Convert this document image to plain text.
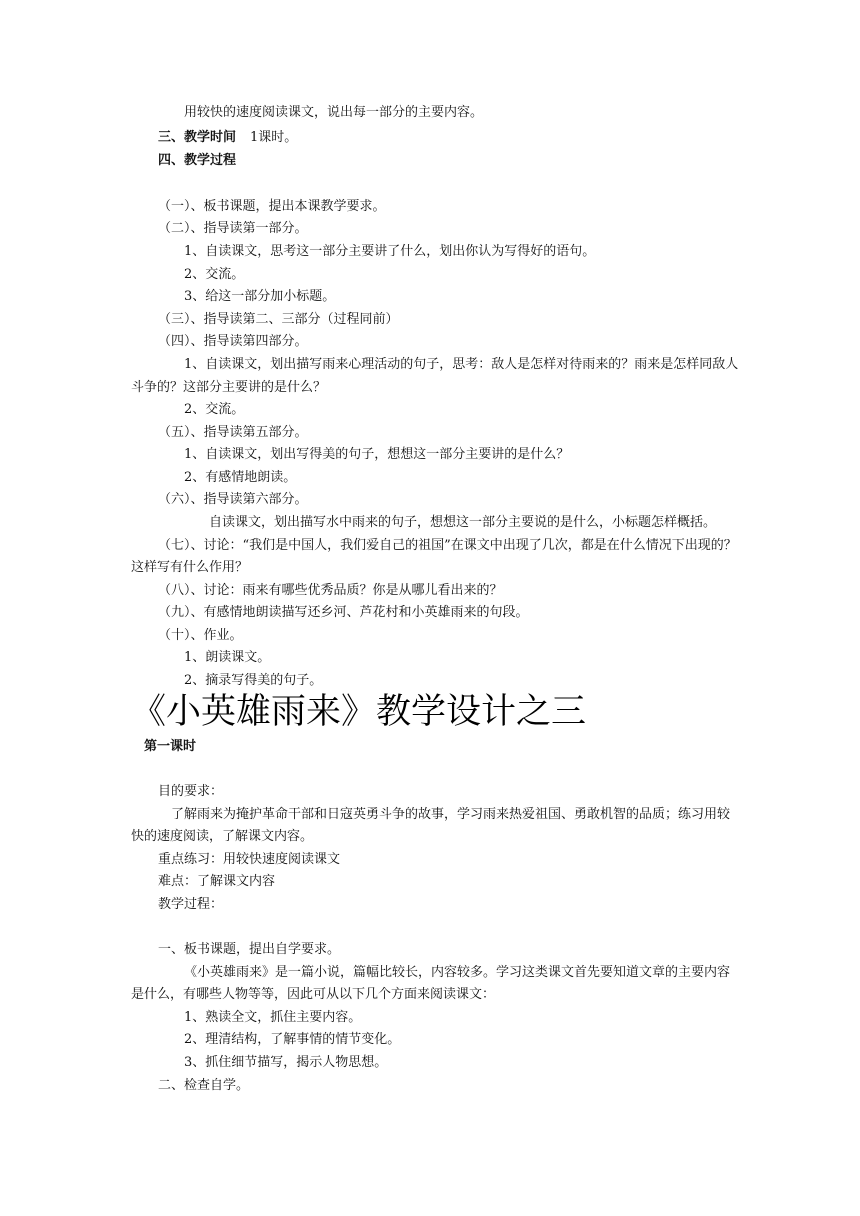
用较快的速度阅读课文，说出每一部分的主要内容。
三、教学时间 1课时。
四、教学过程
（一）、板书课题，提出本课教学要求。
（二）、指导读第一部分。
1、自读课文，思考这一部分主要讲了什么，划出你认为写得好的语句。
2、交流。
3、给这一部分加小标题。
（三）、指导读第二、三部分（过程同前）
（四）、指导读第四部分。
1、自读课文，划出描写雨来心理活动的句子，思考：敌人是怎样对待雨来的？雨来是怎样同敌人
斗争的？这部分主要讲的是什么？
2、交流。
（五）、指导读第五部分。
1、自读课文，划出写得美的句子，想想这一部分主要讲的是什么？
2、有感情地朗读。
（六）、指导读第六部分。
自读课文，划出描写水中雨来的句子，想想这一部分主要说的是什么，小标题怎样概括。
（七）、讨论：“我们是中国人，我们爱自己的祖国”在课文中出现了几次，都是在什么情况下出现的？
这样写有什么作用？
（八）、讨论：雨来有哪些优秀品质？你是从哪儿看出来的？
（九）、有感情地朗读描写还乡河、芦花村和小英雄雨来的句段。
（十）、作业。
1、朗读课文。
2、摘录写得美的句子。
《小英雄雨来》教学设计之三
第一课时
目的要求：
了解雨来为掩护革命干部和日寇英勇斗争的故事，学习雨来热爱祖国、勇敢机智的品质；练习用较
快的速度阅读，了解课文内容。
重点练习：用较快速度阅读课文
难点：了解课文内容
教学过程：
一、板书课题，提出自学要求。
《小英雄雨来》是一篇小说，篇幅比较长，内容较多。学习这类课文首先要知道文章的主要内容
是什么，有哪些人物等等，因此可从以下几个方面来阅读课文：
1、熟读全文，抓住主要内容。
2、理清结构，了解事情的情节变化。
3、抓住细节描写，揭示人物思想。
二、检查自学。
